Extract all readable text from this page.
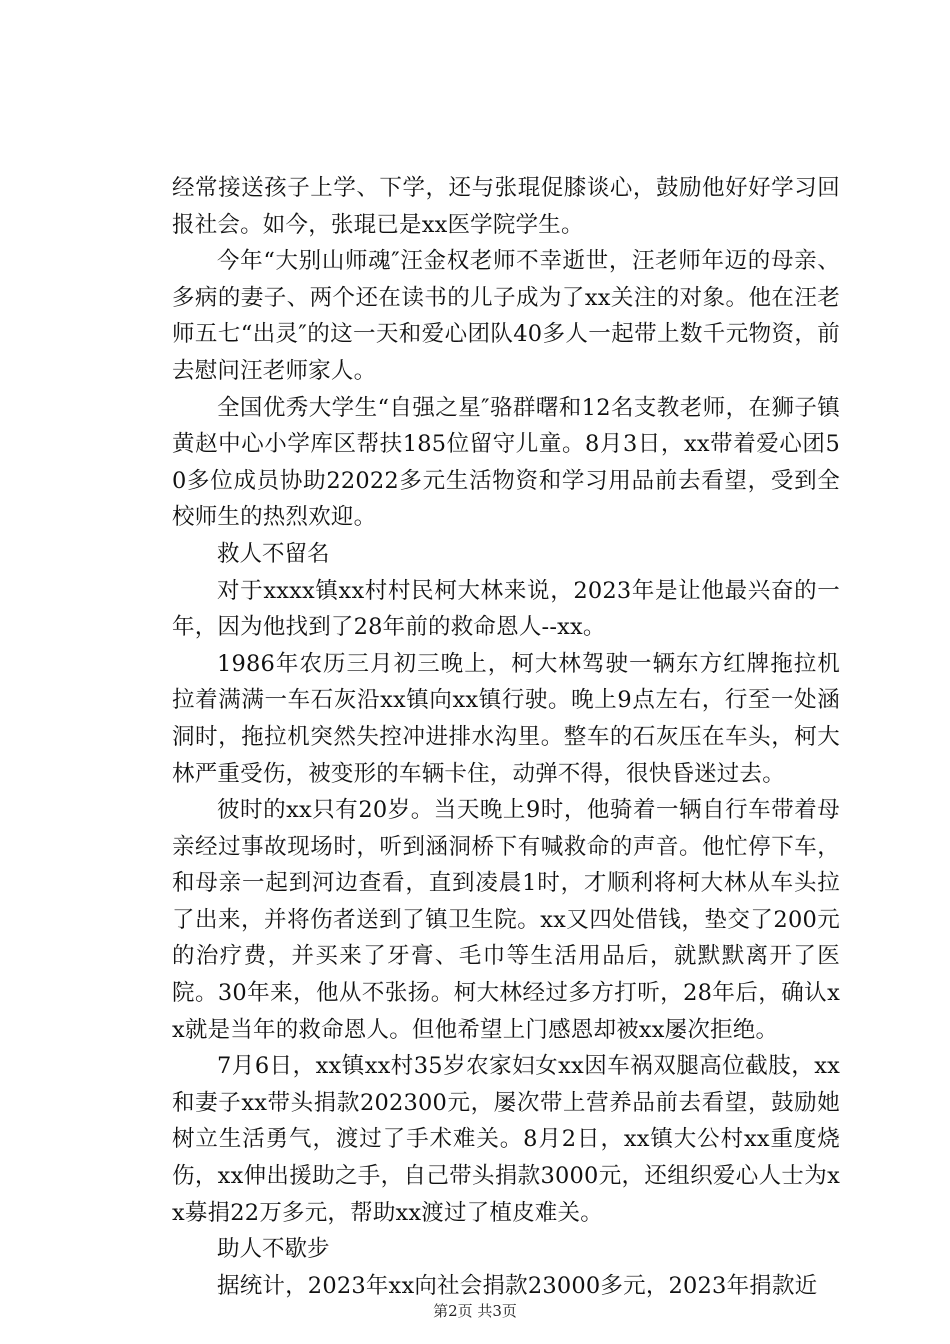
经常接送孩子上学、下学，还与张琨促膝谈心，鼓励他好好学习回报社会。如今，张琨已是xx医学院学生。

今年“大别山师魂″汪金权老师不幸逝世，汪老师年迈的母亲、多病的妻子、两个还在读书的儿子成为了xx关注的对象。他在汪老师五七“出灵″的这一天和爱心团队40多人一起带上数千元物资，前去慰问汪老师家人。

全国优秀大学生“自强之星″骆群曙和12名支教老师，在狮子镇黄赵中心小学库区帮扶185位留守儿童。8月3日，xx带着爱心团50多位成员协助22022多元生活物资和学习用品前去看望，受到全校师生的热烈欢迎。

救人不留名

对于xxxx镇xx村村民柯大林来说，2023年是让他最兴奋的一年，因为他找到了28年前的救命恩人--xx。

1986年农历三月初三晚上，柯大林驾驶一辆东方红牌拖拉机拉着满满一车石灰沿xx镇向xx镇行驶。晚上9点左右，行至一处涵洞时，拖拉机突然失控冲进排水沟里。整车的石灰压在车头，柯大林严重受伤，被变形的车辆卡住，动弹不得，很快昏迷过去。

彼时的xx只有20岁。当天晚上9时，他骑着一辆自行车带着母亲经过事故现场时，听到涵洞桥下有喊救命的声音。他忙停下车，和母亲一起到河边查看，直到凌晨1时，才顺利将柯大林从车头拉了出来，并将伤者送到了镇卫生院。xx又四处借钱，垫交了200元的治疗费，并买来了牙膏、毛巾等生活用品后，就默默离开了医院。30年来，他从不张扬。柯大林经过多方打听，28年后，确认xx就是当年的救命恩人。但他希望上门感恩却被xx屡次拒绝。

7月6日，xx镇xx村35岁农家妇女xx因车祸双腿高位截肢，xx和妻子xx带头捐款202300元，屡次带上营养品前去看望，鼓励她树立生活勇气，渡过了手术难关。8月2日，xx镇大公村xx重度烧伤，xx伸出援助之手，自己带头捐款3000元，还组织爱心人士为xx募捐22万多元，帮助xx渡过了植皮难关。

助人不歇步

据统计，2023年xx向社会捐款23000多元，2023年捐款近

第2页 共3页
